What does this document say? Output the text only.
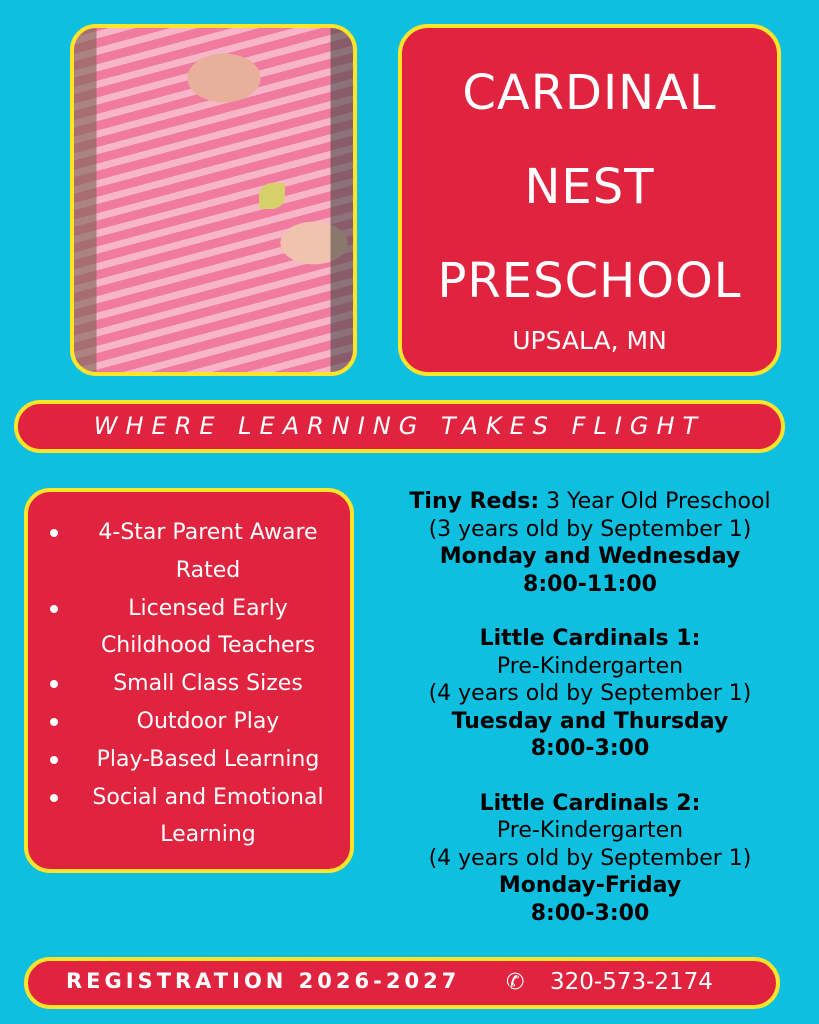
CARDINAL
NEST
PRESCHOOL
UPSALA, MN
WHERE LEARNING TAKES FLIGHT
4-Star Parent Aware Rated
Licensed Early Childhood Teachers
Small Class Sizes
Outdoor Play
Play-Based Learning
Social and Emotional Learning
Tiny Reds: 3 Year Old Preschool
(3 years old by September 1)
Monday and Wednesday
8:00-11:00
Little Cardinals 1:
Pre-Kindergarten
(4 years old by September 1)
Tuesday and Thursday
8:00-3:00
Little Cardinals 2:
Pre-Kindergarten
(4 years old by September 1)
Monday-Friday
8:00-3:00
REGISTRATION 2026-2027 ✆ 320-573-2174
